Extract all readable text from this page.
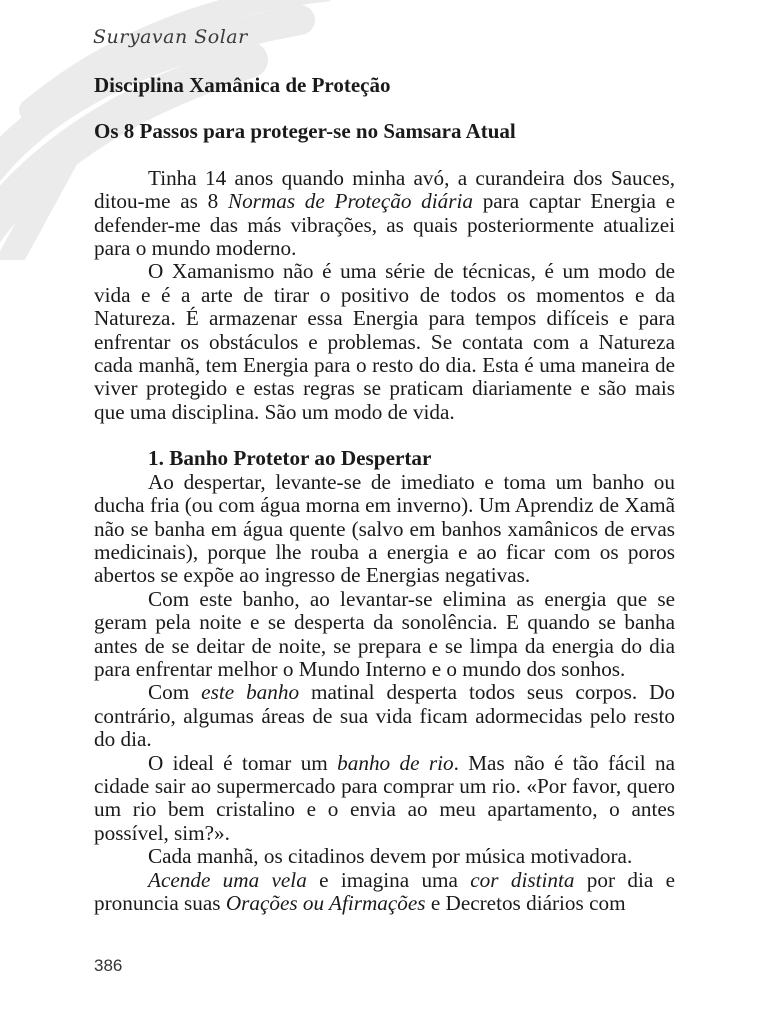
Suryavan Solar
Disciplina Xamânica de Proteção
Os 8 Passos para proteger-se no Samsara Atual

Tinha 14 anos quando minha avó, a curandeira dos Sauces, ditou-me as 8 Normas de Proteção diária para captar Energia e defender-me das más vibrações, as quais posteriormente atualizei para o mundo moderno.

O Xamanismo não é uma série de técnicas, é um modo de vida e é a arte de tirar o positivo de todos os momentos e da Natureza. É armazenar essa Energia para tempos difíceis e para enfrentar os obstáculos e problemas. Se contata com a Natureza cada manhã, tem Energia para o resto do dia. Esta é uma maneira de viver protegido e estas regras se praticam diariamente e são mais que uma disciplina. São um modo de vida.

1. Banho Protetor ao Despertar

Ao despertar, levante-se de imediato e toma um banho ou ducha fria (ou com água morna em inverno). Um Aprendiz de Xamã não se banha em água quente (salvo em banhos xamânicos de ervas medicinais), porque lhe rouba a energia e ao ficar com os poros abertos se expõe ao ingresso de Energias negativas.

Com este banho, ao levantar-se elimina as energia que se geram pela noite e se desperta da sonolência. E quando se banha antes de se deitar de noite, se prepara e se limpa da energia do dia para enfrentar melhor o Mundo Interno e o mundo dos sonhos.

Com este banho matinal desperta todos seus corpos. Do contrário, algumas áreas de sua vida ficam adormecidas pelo resto do dia.

O ideal é tomar um banho de rio. Mas não é tão fácil na cidade sair ao supermercado para comprar um rio. «Por favor, quero um rio bem cristalino e o envia ao meu apartamento, o antes possível, sim?».

Cada manhã, os citadinos devem por música motivadora.

Acende uma vela e imagina uma cor distinta por dia e pronuncia suas Orações ou Afirmações e Decretos diários com

386
